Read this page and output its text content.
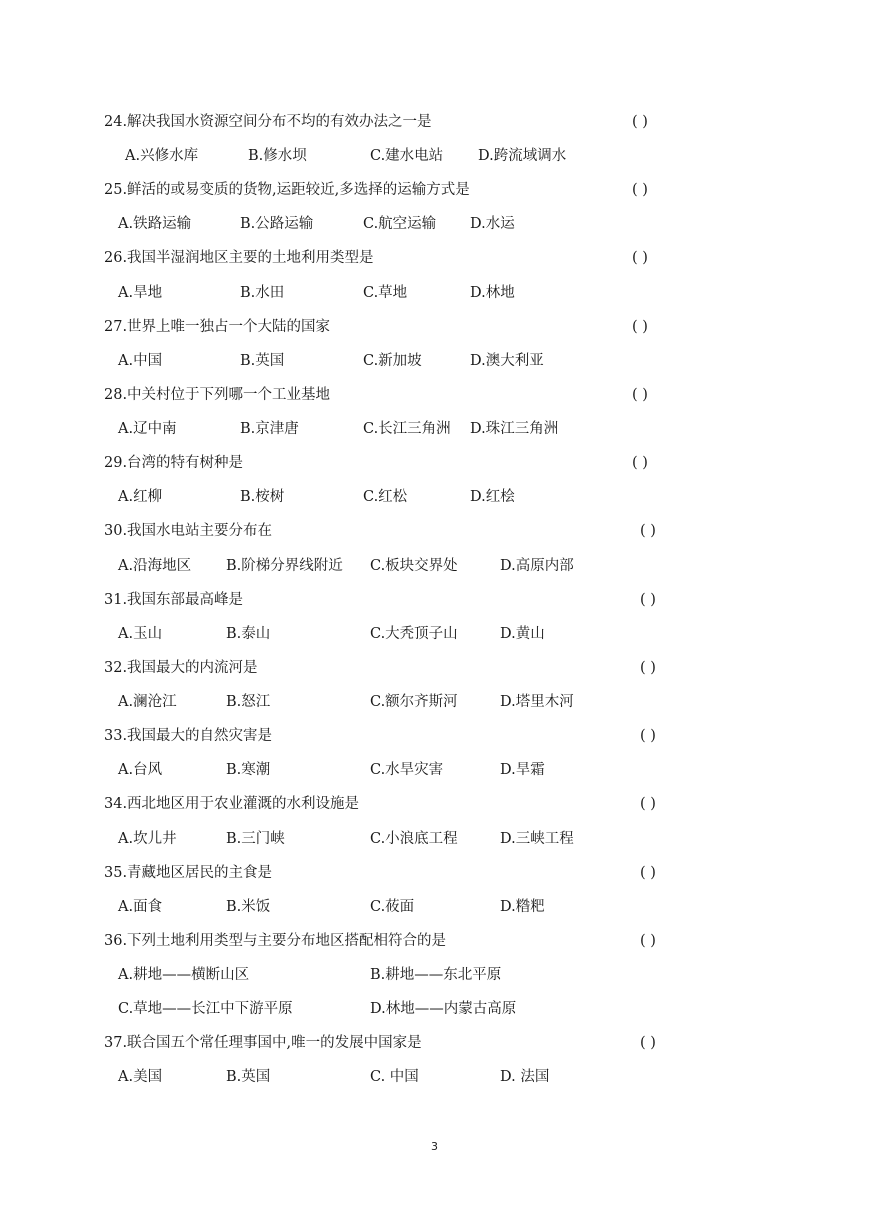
24.解决我国水资源空间分布不均的有效办法之一是	( )
A.兴修水库	B.修水坝	C.建水电站 D.跨流域调水
25.鲜活的或易变质的货物,运距较近,多选择的运输方式是	( )
A.铁路运输	B.公路运输	C.航空运输 D.水运
26.我国半湿润地区主要的土地利用类型是	( )
A.旱地	B.水田	C.草地	D.林地
27.世界上唯一独占一个大陆的国家	( )
A.中国	B.英国	C.新加坡	D.澳大利亚
28.中关村位于下列哪一个工业基地	( )
A.辽中南	B.京津唐	C.长江三角洲 D.珠江三角洲
29.台湾的特有树种是	( )
A.红柳	B.桉树	C.红松	D.红桧
30.我国水电站主要分布在	( )
A.沿海地区 B.阶梯分界线附近 C.板块交界处	D.高原内部
31.我国东部最高峰是	( )
A.玉山	B.泰山	C.大秃顶子山	D.黄山
32.我国最大的内流河是	( )
A.澜沧江	B.怒江	C.额尔齐斯河	D.塔里木河
33.我国最大的自然灾害是	( )
A.台风	B.寒潮	C.水旱灾害	D.旱霜
34.西北地区用于农业灌溉的水利设施是	( )
A.坎儿井	B.三门峡	C.小浪底工程	D.三峡工程
35.青藏地区居民的主食是	( )
A.面食	B.米饭	C.莜面	D.糌粑
36.下列土地利用类型与主要分布地区搭配相符合的是	( )
A.耕地——横断山区	B.耕地——东北平原
C.草地——长江中下游平原	D.林地——内蒙古高原
37.联合国五个常任理事国中,唯一的发展中国家是	( )
A.美国	B.英国	C. 中国	D. 法国
3
